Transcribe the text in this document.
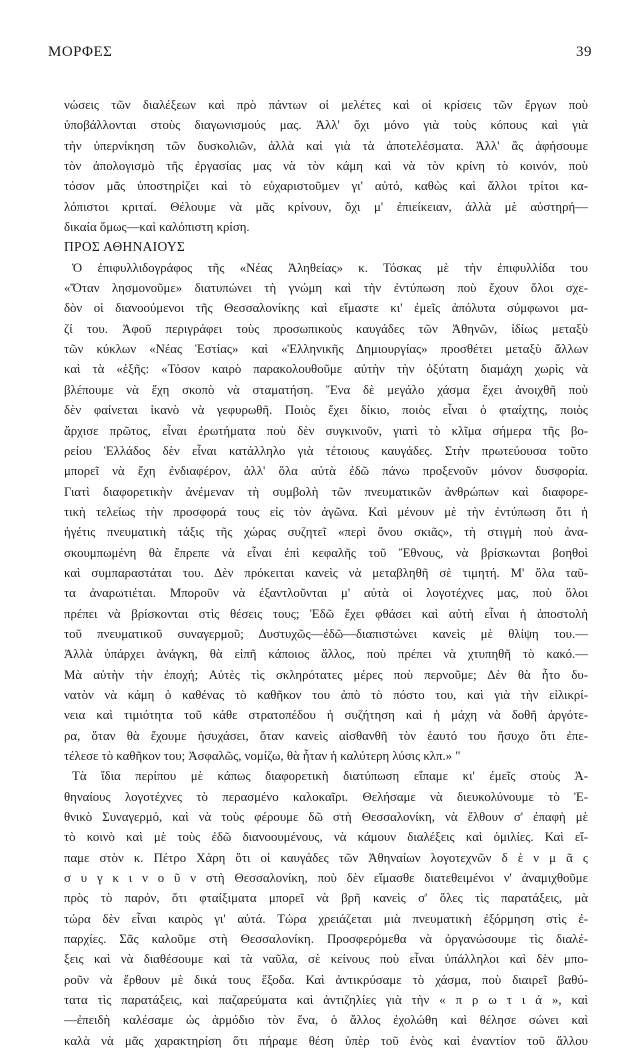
ΜΟΡΦΕΣ	39
νώσεις τῶν διαλέξεων καὶ πρὸ πάντων οἱ μελέτες καὶ οἱ κρίσεις τῶν ἔργων ποὺ
ὑποβάλλονται στοὺς διαγωνισμούς μας. Ἀλλ' ὄχι μόνο γιὰ τοὺς κόπους καὶ γιὰ
τὴν ὑπερνίκηση τῶν δυσκολιῶν, ἀλλὰ καὶ γιὰ τὰ ἀποτελέσματα. Ἀλλ' ἂς ἀφήσουμε
τὸν ἀπολογισμὸ τῆς ἐργασίας μας νὰ τὸν κάμη καὶ νὰ τὸν κρίνη τὸ κοινόν, ποὺ
τόσον μᾶς ὑποστηρίζει καὶ τὸ εὐχαριστοῦμεν γι' αὐτό, καθὼς καὶ ἄλλοι τρίτοι κα-
λόπιστοι κριταί. Θέλουμε νὰ μᾶς κρίνουν, ὄχι μ' ἐπιείκειαν, ἀλλὰ μὲ αὐστηρή—
δικαία ὅμως—καὶ καλόπιστη κρίση.
ΠΡΟΣ ΑΘΗΝΑΙΟΥΣ
Ὁ ἐπιφυλλιδογράφος τῆς «Νέας Ἀληθείας» κ. Τόσκας μὲ τὴν ἐπιφυλλίδα του
«Ὅταν λησμονοῦμε» διατυπώνει τὴ γνώμη καὶ τὴν ἐντύπωση ποὺ ἔχουν ὅλοι σχε-
δὸν οἱ διανοούμενοι τῆς Θεσσαλονίκης καὶ εἴμαστε κι' ἐμεῖς ἀπόλυτα σύμφωνοι μα-
ζί του. Ἀφοῦ περιγράφει τοὺς προσωπικοὺς καυγάδες τῶν Ἀθηνῶν, ἰδίως μεταξὺ
τῶν κύκλων «Νέας Ἑστίας» καὶ «Ἑλληνικῆς Δημιουργίας» προσθέτει μεταξὺ ἄλλων
καὶ τὰ «ἑξῆς: «Τόσον καιρὸ παρακολουθοῦμε αὐτὴν τὴν ὀξύτατη διαμάχη χωρὶς νὰ
βλέπουμε νὰ ἔχη σκοπὸ νὰ σταματήση. Ἕνα δὲ μεγάλο χάσμα ἔχει ἀνοιχθῆ ποὺ
δὲν φαίνεται ἱκανὸ νὰ γεφυρωθῆ. Ποιὸς ἔχει δίκιο, ποιὸς εἶναι ὁ φταίχτης, ποιὸς
ἄρχισε πρῶτος, εἶναι ἐρωτήματα ποὺ δὲν συγκινοῦν, γιατὶ τὸ κλῖμα σήμερα τῆς βο-
ρείου Ἑλλάδος δὲν εἶναι κατάλληλο γιὰ τέτοιους καυγάδες. Στὴν πρωτεύουσα τοῦτο
μπορεῖ νὰ ἔχη ἐνδιαφέρον, ἀλλ' ὅλα αὐτὰ ἐδῶ πάνω προξενοῦν μόνον δυσφορία.
Γιατὶ διαφορετικὴν ἀνέμεναν τὴ συμβολὴ τῶν πνευματικῶν ἀνθρώπων καὶ διαφορε-
τικὴ τελείως τὴν προσφορά τους εἰς τὸν ἀγῶνα. Καὶ μένουν μὲ τὴν ἐντύπωση ὅτι ἡ
ἡγέτις πνευματικὴ τάξις τῆς χώρας συζητεῖ «περὶ ὄνου σκιᾶς», τὴ στιγμὴ ποὺ ἀνα-
σκουμπωμένη θὰ ἔπρεπε νὰ εἶναι ἐπὶ κεφαλῆς τοῦ Ἔθνους, νὰ βρίσκωνται βοηθοὶ
καὶ συμπαραστάται του. Δὲν πρόκειται κανεὶς νὰ μεταβληθῆ σὲ τιμητή. Μ' ὅλα ταῦ-
τα ἀναρωτιέται. Μποροῦν νὰ ἐξαντλοῦνται μ' αὐτὰ οἱ λογοτέχνες μας, ποὺ ὅλοι
πρέπει νὰ βρίσκονται στὶς θέσεις τους; Ἐδῶ ἔχει φθάσει καὶ αὐτὴ εἶναι ἡ ἀποστολὴ
τοῦ πνευματικοῦ συναγερμοῦ; Δυστυχῶς—ἐδῶ—διαπιστώνει κανεὶς μὲ θλίψη του.—
Ἀλλὰ ὑπάρχει ἀνάγκη, θὰ εἰπῆ κάποιος ἄλλος, ποὺ πρέπει νὰ χτυπηθῆ τὸ κακό.—
Μὰ αὐτὴν τὴν ἐποχή; Αὐτὲς τὶς σκληρότατες μέρες ποὺ περνοῦμε; Δὲν θὰ ἦτο δυ-
νατὸν νὰ κάμη ὁ καθένας τὸ καθῆκον του ἀπὸ τὸ πόστο του, καὶ γιὰ τὴν εἰλικρί-
νεια καὶ τιμιότητα τοῦ κάθε στρατοπέδου ἡ συζήτηση καὶ ἡ μάχη νὰ δοθῆ ἀργότε-
ρα, ὅταν θὰ ἔχουμε ἡσυχάσει, ὅταν κανεὶς αἰσθανθῆ τὸν ἑαυτό του ἥσυχο ὅτι ἐπε-
τέλεσε τὸ καθῆκον του; Ἀσφαλῶς, νομίζω, θὰ ἦταν ἡ καλύτερη λύσις κλπ.» "
Τὰ ἴδια περίπου μὲ κάπως διαφορετικὴ διατύπωση εἴπαμε κι' ἐμεῖς στοὺς Ἀ-
θηναίους λογοτέχνες τὸ περασμένο καλοκαῖρι. Θελήσαμε νὰ διευκολύνουμε τὸ Ἐ-
θνικὸ Συναγερμό, καὶ νὰ τοὺς φέρουμε δῶ στὴ Θεσσαλονίκη, νὰ ἔλθουν σ' ἐπαφὴ μὲ
τὸ κοινὸ καὶ μὲ τοὺς ἐδῶ διανοουμένους, νὰ κάμουν διαλέξεις καὶ ὁμιλίες. Καὶ εἴ-
παμε στὸν κ. Πέτρο Χάρη ὅτι οἱ καυγάδες τῶν Ἀθηναίων λογοτεχνῶν δ ὲ ν μ ᾶ ς
σ υ γ κ ι ν ο ῦ ν στὴ Θεσσαλονίκη, ποὺ δὲν εἴμασθε διατεθειμένοι ν' ἀναμιχθοῦμε
πρὸς τὸ παρόν, ὅτι φταίξιματα μπορεῖ νὰ βρῆ κανεὶς σ' ὅλες τὶς παρατάξεις, μὰ
τώρα δὲν εἶναι καιρὸς γι' αὐτά. Τώρα χρειάζεται μιὰ πνευματικὴ ἐξόρμηση στὶς ἐ-
παρχίες. Σᾶς καλοῦμε στὴ Θεσσαλονίκη. Προσφερόμεθα νὰ ὀργανώσουμε τὶς διαλέ-
ξεις καὶ νὰ διαθέσουμε καὶ τὰ ναῦλα, σὲ κείνους ποὺ εἶναι ὑπάλληλοι καὶ δὲν μπο-
ροῦν νὰ ἔρθουν μὲ δικά τους ἔξοδα. Καὶ ἀντικρύσαμε τὸ χάσμα, ποὺ διαιρεῖ βαθύ-
τατα τὶς παρατάξεις, καὶ παζαρεύματα καὶ ἀντιζηλίες γιὰ τὴν « π ρ ω τ ι ά », καὶ
—ἐπειδὴ καλέσαμε ὡς ἁρμόδιο τὸν ἕνα, ὁ ἄλλος ἐχολώθη καὶ θέλησε σώνει καὶ
καλὰ νὰ μᾶς χαρακτηρίση ὅτι πήραμε θέση ὑπὲρ τοῦ ἑνὸς καὶ ἐναντίον τοῦ ἄλλου
